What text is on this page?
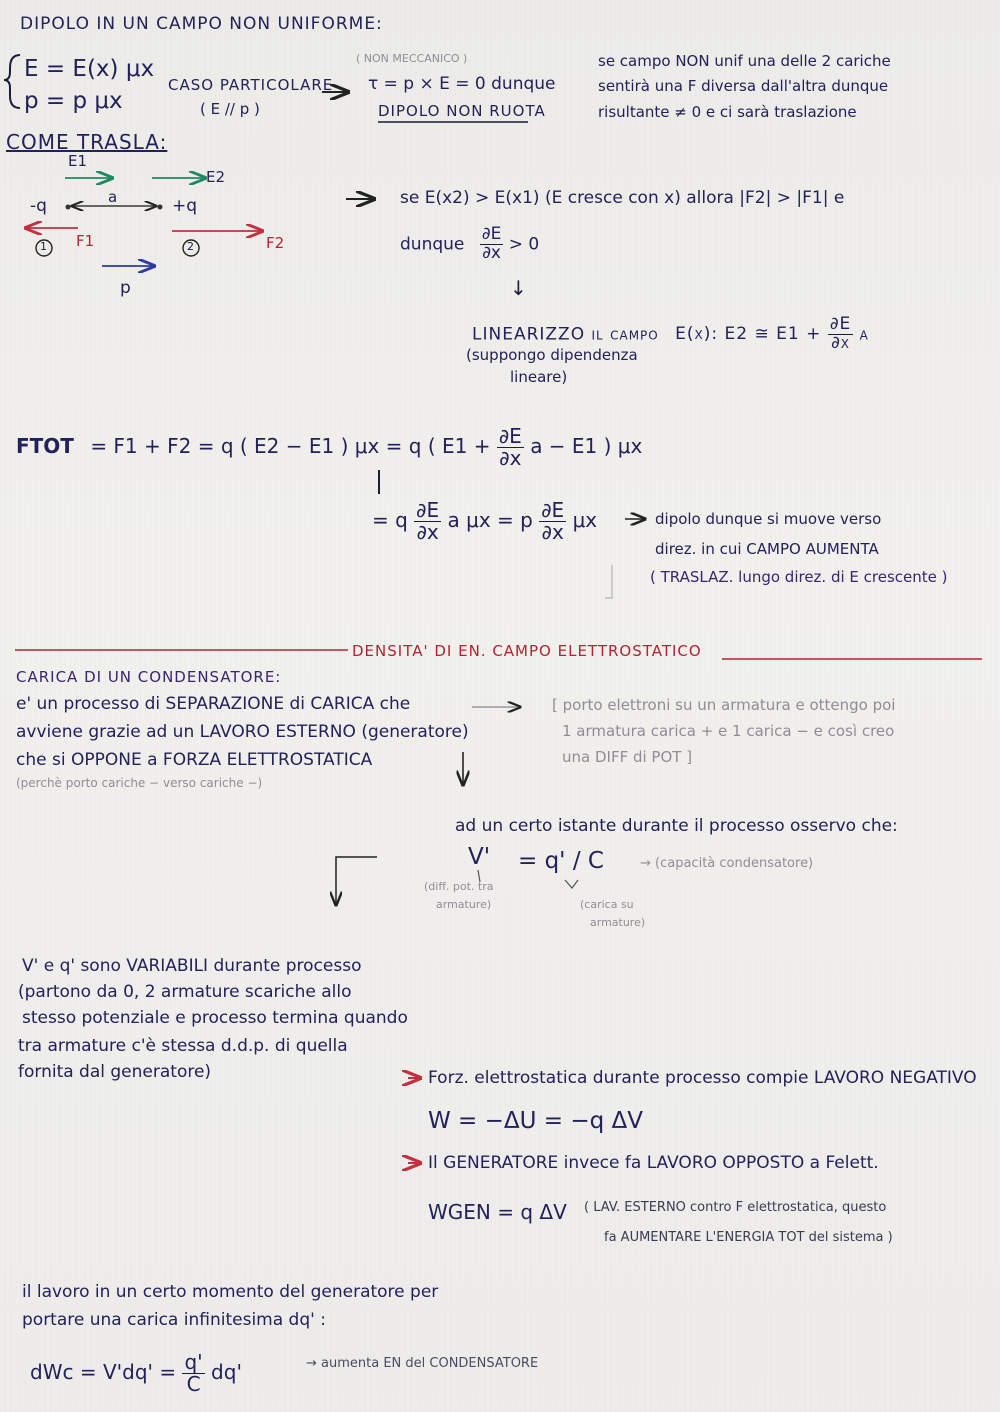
DIPOLO IN UN CAMPO NON UNIFORME:
E = E(x) μx
p = p μx
CASO PARTICOLARE
( E // p )
( NON MECCANICO )
τ = p × E = 0 dunque
DIPOLO NON RUOTA
se campo NON unif una delle 2 cariche
sentirà una F diversa dall'altra dunque
risultante ≠ 0 e ci sarà traslazione
COME TRASLA:
E1
E2
-q	+q
a
F1	F2
1	2
p
se E(x2) > E(x1) (E cresce con x) allora |F2| > |F1| e
dunque $\frac{\partial E}{\partial x} > 0$
↓
LINEARIZZO il campo E(x): E2 ≅ $E1 + \frac{\partial E}{\partial x}$ a
(suppongo dipendenza
lineare)
FTOT = F1 + F2 = q ( E2 − E1 ) μx = q ( $E1 + \frac{\partial E}{\partial x}$ a − E1 ) μx
= q $\frac{\partial E}{\partial x}$ a μx = p $\frac{\partial E}{\partial x}$ μx	dipolo dunque si muove verso
direz. in cui CAMPO AUMENTA
( TRASLAZ. lungo direz. di E crescente )
DENSITA' DI EN. CAMPO ELETTROSTATICO
CARICA DI UN CONDENSATORE:
e' un processo di SEPARAZIONE di CARICA che
avviene grazie ad un LAVORO ESTERNO (generatore)
che si OPPONE a FORZA ELETTROSTATICA
(perchè porto cariche − verso cariche −)
[ porto elettroni su un armatura e ottengo poi
1 armatura carica + e 1 carica − e così creo
una DIFF di POT ]
ad un certo istante durante il processo osservo che:
V' = q' / C	→ (capacità condensatore)
(diff. pot. tra
armature)	(carica su
armature)
V' e q' sono VARIABILI durante processo
(partono da 0, 2 armature scariche allo
stesso potenziale e processo termina quando
tra armature c'è stessa d.d.p. di quella
fornita dal generatore)	Forz. elettrostatica durante processo compie LAVORO NEGATIVO
W = −ΔU = −q ΔV
Il GENERATORE invece fa LAVORO OPPOSTO a Felett.
WGEN = q ΔV ( LAV. ESTERNO contro F elettrostatica, questo
fa AUMENTARE L'ENERGIA TOT del sistema )
il lavoro in un certo momento del generatore per
portare una carica infinitesima dq' :
dWc = $V'dq' = \frac{q'}{C} dq'$	→ aumenta EN del CONDENSATORE
